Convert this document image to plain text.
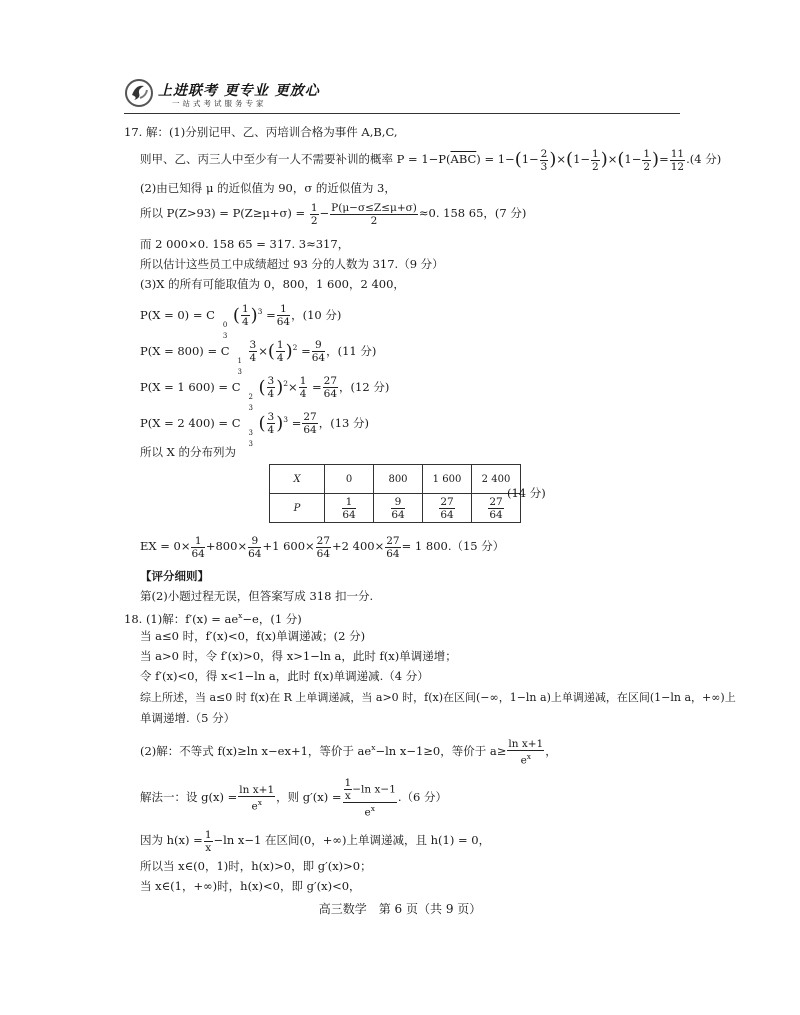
上进联考 更专业 更放心
一站式考试服务专家
17. 解：(1)分别记甲、乙、丙培训合格为事件 A,B,C,
则甲、乙、丙三人中至少有一人不需要补训的概率 $P = 1-P(\overline{ABC}) = 1-(1- \frac{2}{3} )\times(1- \frac{1}{2} )\times(1- \frac{1}{2}$ )= $\frac{11}{12} .(4$ 分)
(2)由已知得 μ 的近似值为 90，σ 的近似值为 3，
所以 $P(Z>93) = P(Z\ge\mu+\sigma) = \frac{1}{2} - \frac{P(\mu-\sigma\le Z\le\mu+\sigma)}{2} \approx 0$. 158 65，(7 分)
而 2 000×0. 158 65 = 317. 3≈317，
所以估计这些员工中成绩超过 93 分的人数为 317.（9 分）
(3)X 的所有可能取值为 0，800，1 600，2 400，
P(X = 0) = C
0
3
( $\frac{1}{4} )^3 = \frac{1}{64}$ ，(10 分)
P(X = 800) = C
1
3
$\frac{3}{4}$ ×( $\frac{1}{4} )^2 = \frac{9}{64}$ ，(11 分)
P(X = 1 600) = C
2
3
( $\frac{3}{4} )^2\times \frac{1}{4} = \frac{27}{64}$ ，(12 分)
P(X = 2 400) = C
3
3
( $\frac{3}{4} )^3 = \frac{27}{64}$ ，(13 分)
所以 X 的分布列为
X	0	800	1 600	2 400
P	$\frac{1}{64}$	$\frac{9}{64}$	$\frac{27}{64}$	$\frac{27}{64}$
(14 分)
EX = $0\times \frac{1}{64} +800\times \frac{9}{64} +1$ $600\times \frac{27}{64} +2$ $400\times \frac{27}{64} = 1$ 800.（15 分）
【评分细则】
第(2)小题过程无误，但答案写成 318 扣一分.
18. (1)解：$f'(x) = ae^x-e$，(1 分)
当 a≤0 时，f′(x)<0，f(x)单调递减；(2 分)
当 a>0 时，令 f′(x)>0，得 x>1−ln a，此时 f(x)单调递增；
令 f′(x)<0，得 x<1−ln a，此时 f(x)单调递减.（4 分）
综上所述，当 a≤0 时 f(x)在 R 上单调递减，当 a>0 时，f(x)在区间(−∞，1−ln a)上单调递减，在区间(1−ln a，+∞)上
单调递增.（5 分）
(2)解：不等式 f(x)≥ln x−ex+1，等价于 $ae^x-\ln$ x−1≥0，等价于 $a\ge \frac{\text{ln x+1}}{e^x}$ ，
解法一：设 $g(x) = \frac{\text{ln x+1}}{e^x}$ ，则 $g'(x) = \frac{\frac{1}{x} -\ln x-1}{e^x} .(6$ 分）
因为 $h(x) = \frac{1}{x} -\ln$ x−1 在区间(0，+∞)上单调递减，且 h(1) = 0，
所以当 x∈(0，1)时，h(x)>0，即 g′(x)>0；
当 x∈(1，+∞)时，h(x)<0，即 g′(x)<0，
高三数学　第 6 页（共 9 页）
